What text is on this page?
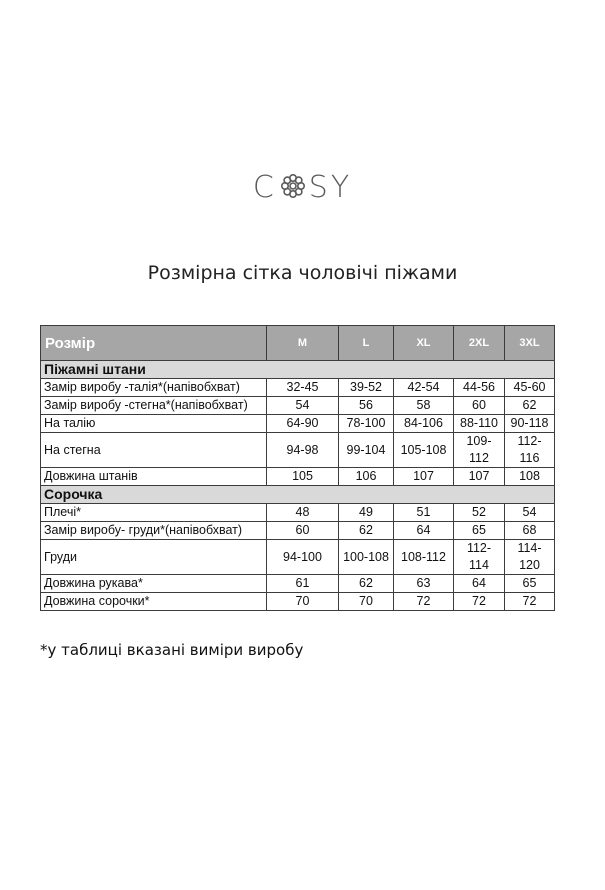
C SY
Розмірна сітка чоловічі піжами
Розмір	M	L	XL	2XL	3XL
Піжамні штани					
Замір виробу -талія*(напівобхват)	32-45	39-52	42-54	44-56	45-60
Замір виробу -стегна*(напівобхват)	54	56	58	60	62
На талію	64-90	78-100	84-106	88-110	90-118
На стегна	94-98	99-104	105-108	109-112	112-116
Довжина штанів	105	106	107	107	108
Сорочка					
Плечі*	48	49	51	52	54
Замір виробу- груди*(напівобхват)	60	62	64	65	68
Груди	94-100	100-108	108-112	112-114	114-120
Довжина рукава*	61	62	63	64	65
Довжина сорочки*	70	70	72	72	72
*у таблиці вказані виміри виробу
